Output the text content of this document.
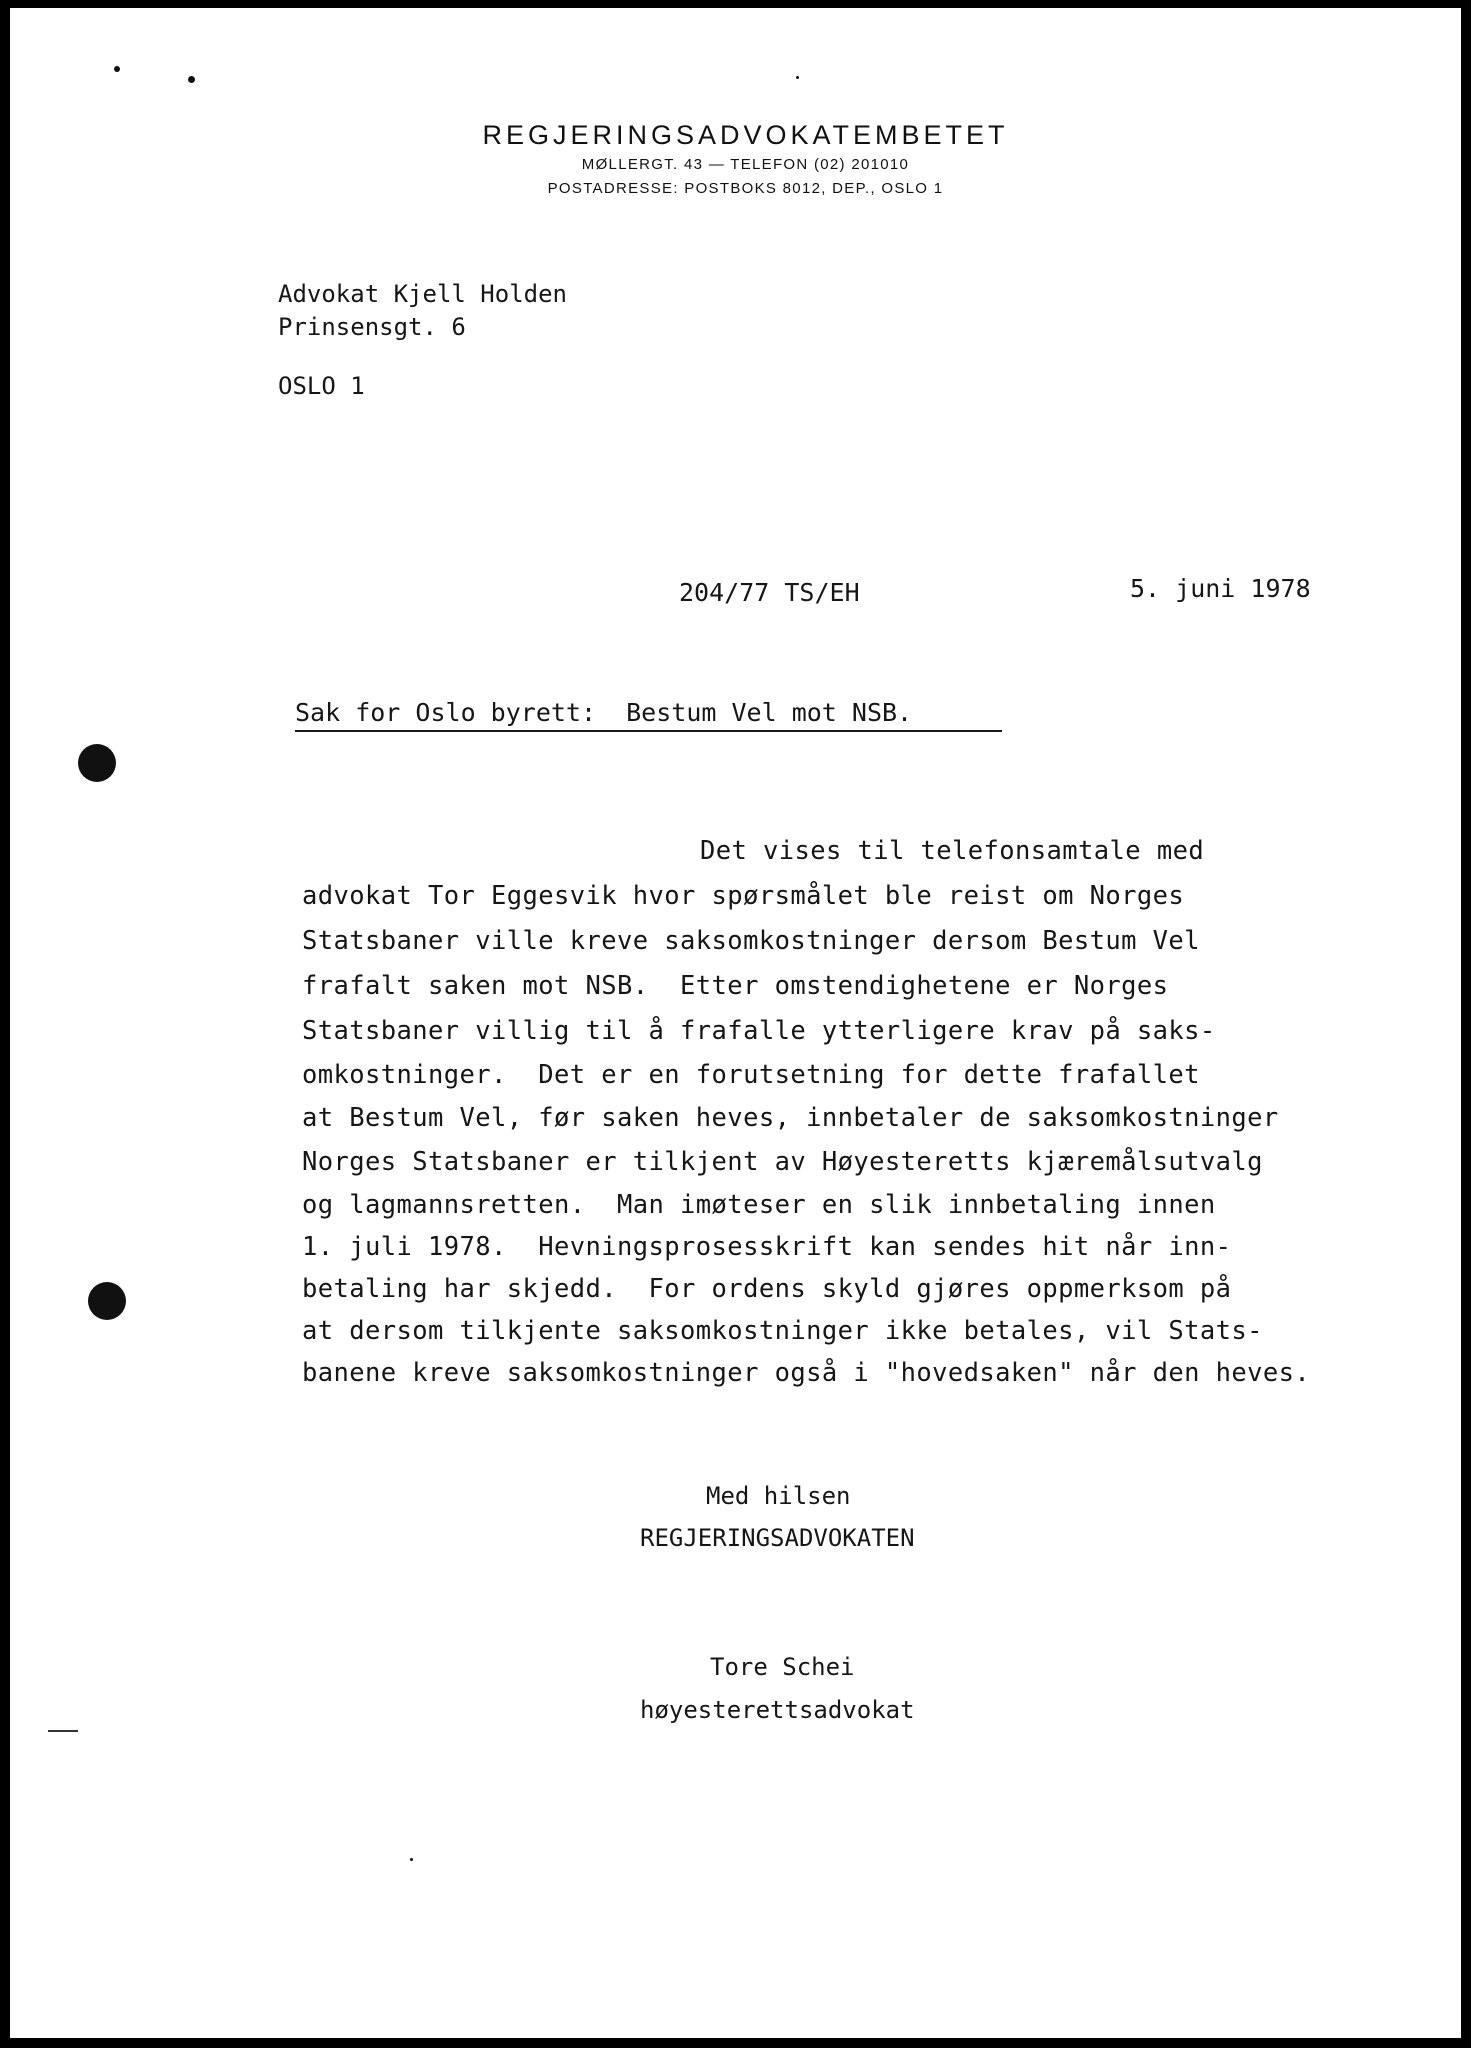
REGJERINGSADVOKATEMBETET
MØLLERGT. 43 — TELEFON (02) 201010
POSTADRESSE: POSTBOKS 8012, DEP., OSLO 1
Advokat Kjell Holden
Prinsensgt. 6
OSLO 1
204/77 TS/EH	5. juni 1978
Sak for Oslo byrett:  Bestum Vel mot NSB.
Det vises til telefonsamtale med
advokat Tor Eggesvik hvor spørsmålet ble reist om Norges
Statsbaner ville kreve saksomkostninger dersom Bestum Vel
frafalt saken mot NSB.  Etter omstendighetene er Norges
Statsbaner villig til å frafalle ytterligere krav på saks-
omkostninger.  Det er en forutsetning for dette frafallet
at Bestum Vel, før saken heves, innbetaler de saksomkostninger
Norges Statsbaner er tilkjent av Høyesteretts kjæremålsutvalg
og lagmannsretten.  Man imøteser en slik innbetaling innen
1. juli 1978.  Hevningsprosesskrift kan sendes hit når inn-
betaling har skjedd.  For ordens skyld gjøres oppmerksom på
at dersom tilkjente saksomkostninger ikke betales, vil Stats-
banene kreve saksomkostninger også i "hovedsaken" når den heves.
Med hilsen
REGJERINGSADVOKATEN
Tore Schei
høyesterettsadvokat
